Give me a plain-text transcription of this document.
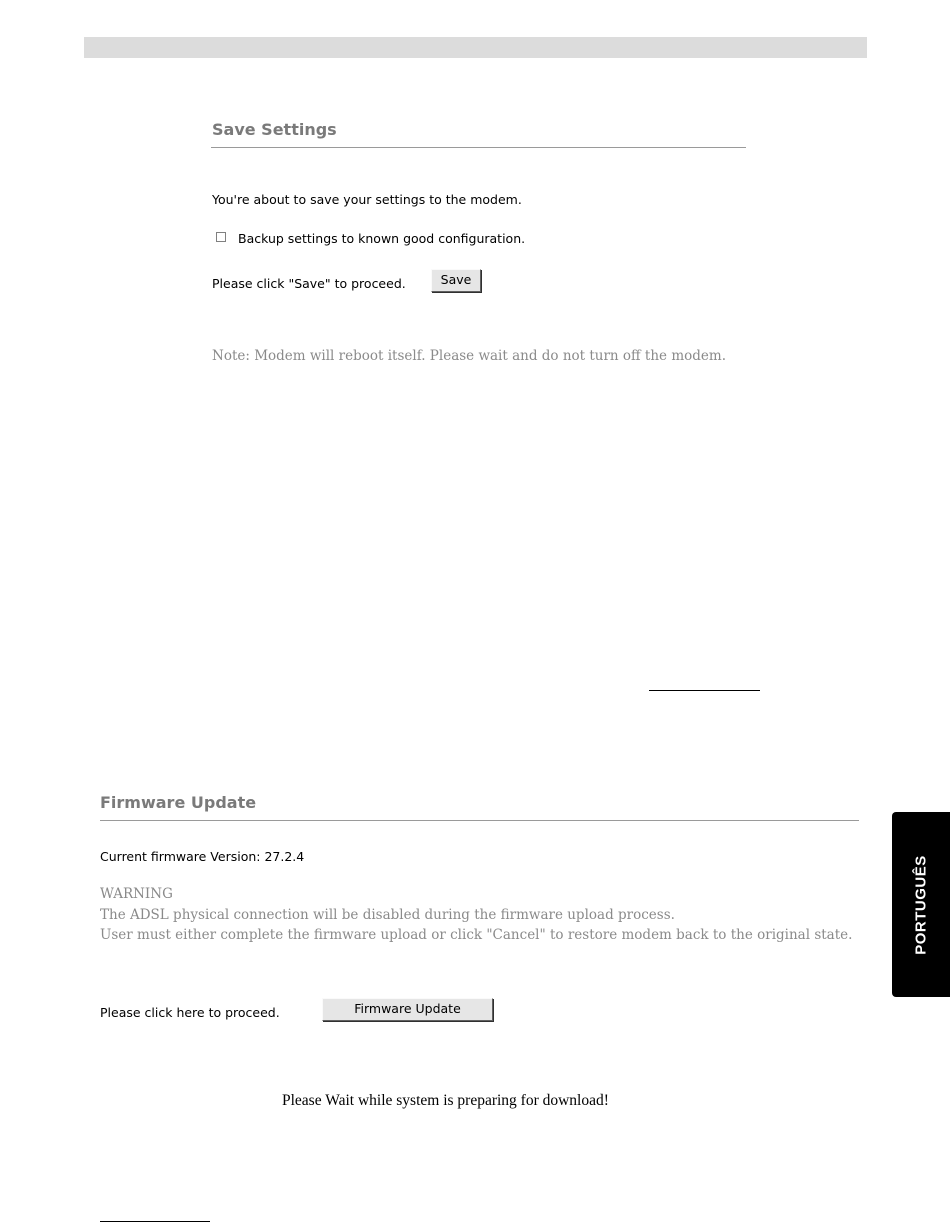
Save Settings
You're about to save your settings to the modem.
Backup settings to known good configuration.
Please click "Save" to proceed.	Save
Note: Modem will reboot itself. Please wait and do not turn off the modem.
Firmware Update
Current firmware Version: 27.2.4
WARNING
The ADSL physical connection will be disabled during the firmware upload process.
User must either complete the firmware upload or click "Cancel" to restore modem back to the original state.
Please click here to proceed.	Firmware Update
Please Wait while system is preparing for download!
PORTUGUÊS
